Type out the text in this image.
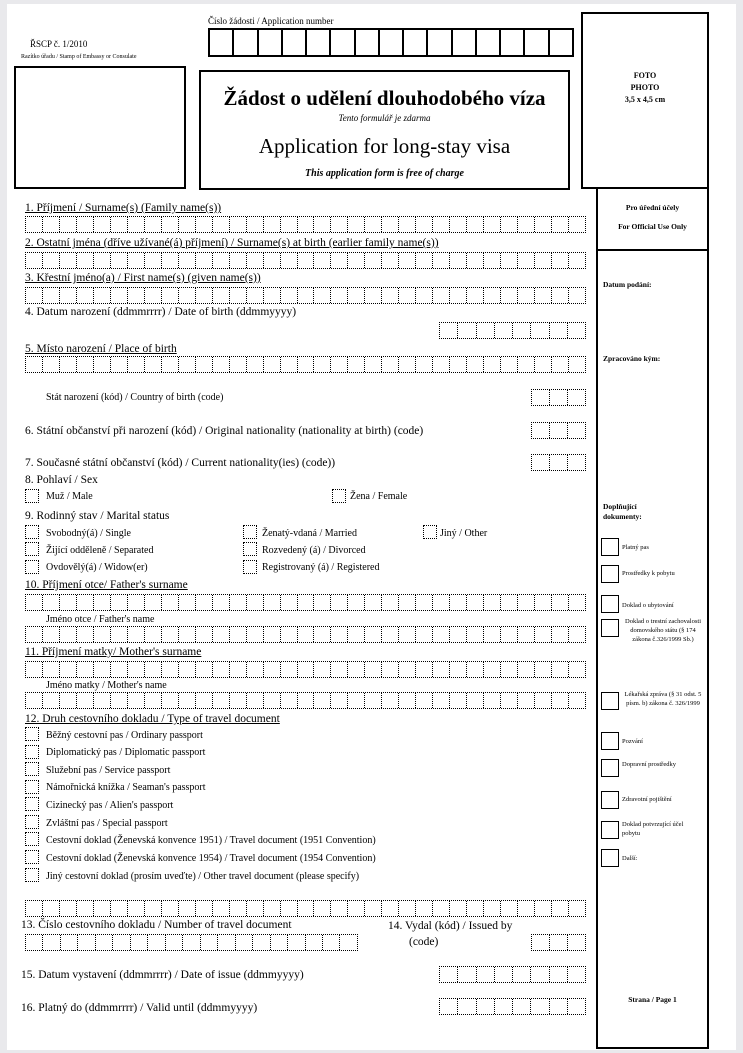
Číslo žádosti / Application number
ŘSCP č. 1/2010
Razítko úřadu / Stamp of Embassy or Consulate
Žádost o udělení dlouhodobého víza
Tento formulář je zdarma
Application for long-stay visa
This application form is free of charge
FOTO
PHOTO
3,5 x 4,5 cm
Pro úřední účely
For Official Use Only
Datum podání:
Zpracováno kým:
Doplňující dokumenty:
Platný pas
Prostředky k pobytu
Doklad o ubytování
Doklad o trestní zachovalosti domovského státu (§ 174 zákona č.326/1999 Sb.)
Lékařská zpráva (§ 31 odst. 5 písm. b) zákona č. 326/1999
Pozvání
Dopravní prostředky
Zdravotní pojištění
Doklad potvrzující účel pobytu
Další:
Strana / Page 1
1. Příjmení / Surname(s) (Family name(s))
2. Ostatní jména (dříve užívané(á) příjmení) / Surname(s) at birth (earlier family name(s))
3. Křestní jméno(a) / First name(s) (given name(s))
4. Datum narození (ddmmrrrr) / Date of birth (ddmmyyyy)
5. Místo narození / Place of birth
Stát narození (kód) / Country of birth (code)
6. Státní občanství při narození (kód) / Original nationality (nationality at birth) (code)
7. Současné státní občanství (kód) / Current nationality(ies) (code))
8. Pohlaví / Sex
Muž / Male	Žena / Female
9. Rodinný stav / Marital status
Svobodný(á) / Single	Ženatý-vdaná / Married	Jiný / Other
Žijící odděleně / Separated	Rozvedený (á) / Divorced
Ovdovělý(á) / Widow(er)	Registrovaný (á) / Registered
10. Příjmení otce/ Father's surname
Jméno otce / Father's name
11. Příjmení matky/ Mother's surname
Jméno matky / Mother's name
12. Druh cestovního dokladu / Type of travel document
Běžný cestovní pas / Ordinary passport
Diplomatický pas / Diplomatic passport
Služební pas / Service passport
Námořnická knížka / Seaman's passport
Cizinecký pas / Alien's passport
Zvláštní pas / Special passport
Cestovní doklad (Ženevská konvence 1951) / Travel document (1951 Convention)
Cestovní doklad (Ženevská konvence 1954) / Travel document (1954 Convention)
Jiný cestovní doklad (prosím uveďte) / Other travel document (please specify)
13. Číslo cestovního dokladu / Number of travel document	14. Vydal (kód) / Issued by
(code)
15. Datum vystavení (ddmmrrrr) / Date of issue (ddmmyyyy)
16. Platný do (ddmmrrrr) / Valid until (ddmmyyyy)
